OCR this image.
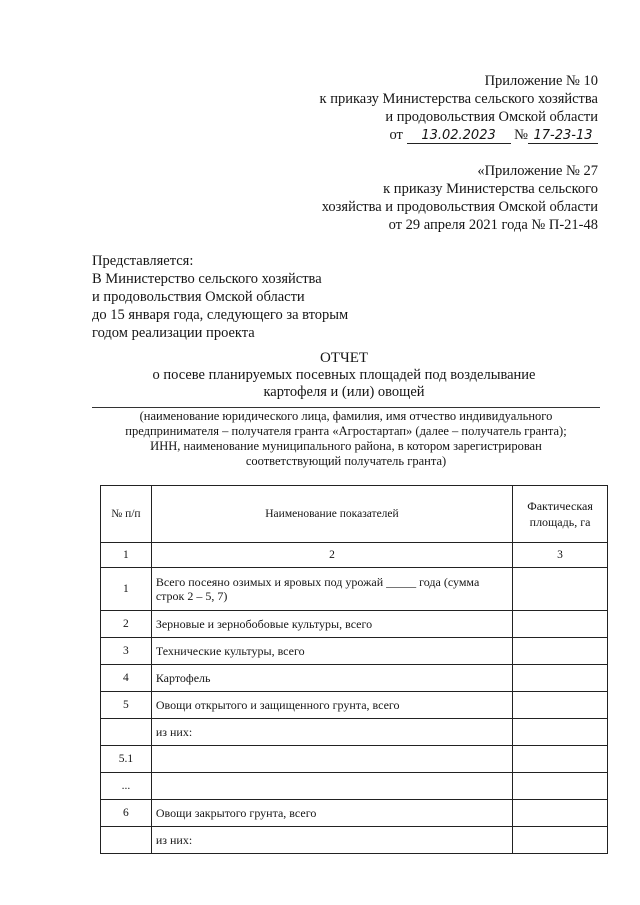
Приложение № 10
к приказу Министерства сельского хозяйства
и продовольствия Омской области
от 13.02.2023 № 17-23-13
«Приложение № 27
к приказу Министерства сельского
хозяйства и продовольствия Омской области
от 29 апреля 2021 года № П-21-48
Представляется:
В Министерство сельского хозяйства
и продовольствия Омской области
до 15 января года, следующего за вторым
годом реализации проекта
ОТЧЕТ
о посеве планируемых посевных площадей под возделывание
картофеля и (или) овощей
(наименование юридического лица, фамилия, имя отчество индивидуального
предпринимателя – получателя гранта «Агростартап» (далее – получатель гранта);
ИНН, наименование муниципального района, в котором зарегистрирован
соответствующий получатель гранта)
№ п/п	Наименование показателей	Фактическая площадь, га
1	2	3
1	Всего посеяно озимых и яровых под урожай _____ года (сумма строк 2 – 5, 7)	
2	Зерновые и зернобобовые культуры, всего	
3	Технические культуры, всего	
4	Картофель	
5	Овощи открытого и защищенного грунта, всего	
	из них:	
5.1		
...		
6	Овощи закрытого грунта, всего	
	из них:	
